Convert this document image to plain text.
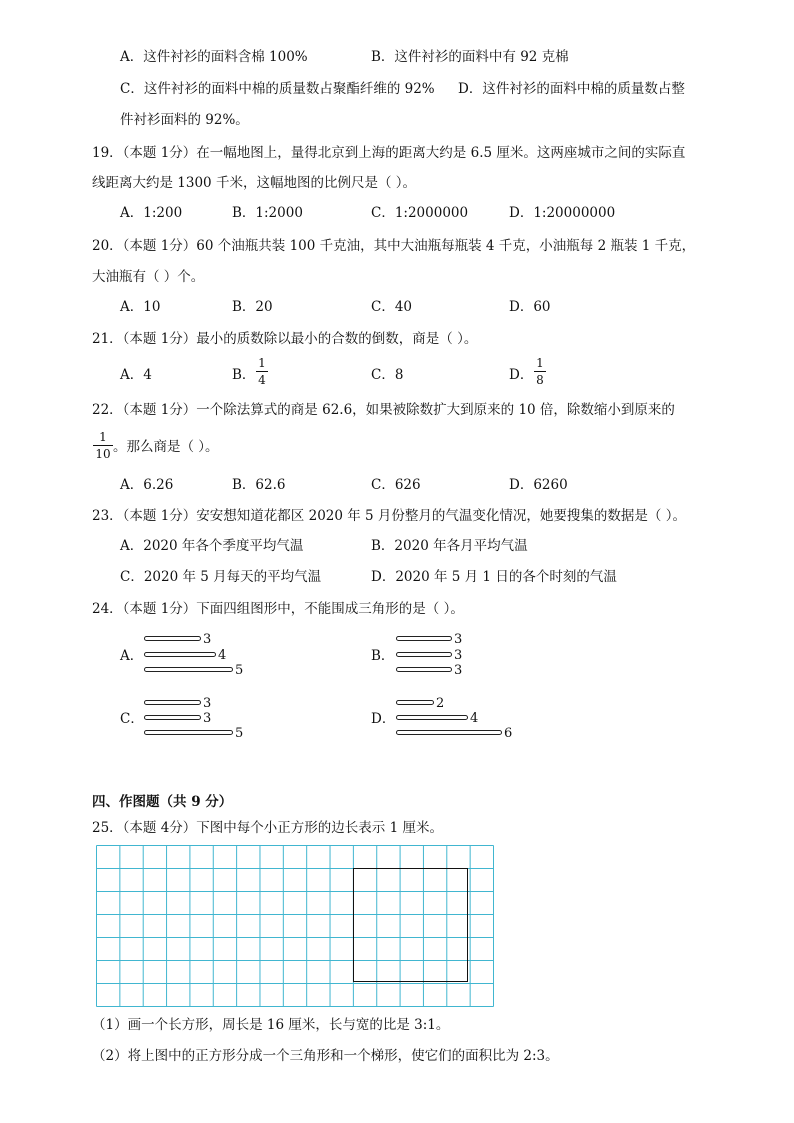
A．这件衬衫的面料含棉 100%	B．这件衬衫的面料中有 92 克棉
C．这件衬衫的面料中棉的质量数占聚酯纤维的 92% D．这件衬衫的面料中棉的质量数占整
件衬衫面料的 92%。
19．（本题 1分）在一幅地图上，量得北京到上海的距离大约是 6.5 厘米。这两座城市之间的实际直
线距离大约是 1300 千米，这幅地图的比例尺是（ ）。
A．1:200	B．1:2000	C．1:2000000	D．1:20000000
20．（本题 1分）60 个油瓶共装 100 千克油，其中大油瓶每瓶装 4 千克，小油瓶每 2 瓶装 1 千克，
大油瓶有（ ）个。
A．10	B．20	C．40	D．60
21．（本题 1分）最小的质数除以最小的合数的倒数，商是（ ）。
A．4	B．
1
4	C．8	D．
1
8
22．（本题 1分）一个除法算式的商是 62.6，如果被除数扩大到原来的 10 倍，除数缩小到原来的
1
10 。那么商是（ ）。
A．6.26	B．62.6	C．626	D．6260
23．（本题 1分）安安想知道花都区 2020 年 5 月份整月的气温变化情况，她要搜集的数据是（ ）。
A．2020 年各个季度平均气温	B．2020 年各月平均气温
C．2020 年 5 月每天的平均气温	D．2020 年 5 月 1 日的各个时刻的气温
24．（本题 1分）下面四组图形中，不能围成三角形的是（ ）。
A．
3
4
5
B．
3
3
3
C．
3
3
5
D．
2
4
6
四、作图题（共 9 分）
25．（本题 4分）下图中每个小正方形的边长表示 1 厘米。
（1）画一个长方形，周长是 16 厘米，长与宽的比是 3:1。
（2）将上图中的正方形分成一个三角形和一个梯形，使它们的面积比为 2:3。
